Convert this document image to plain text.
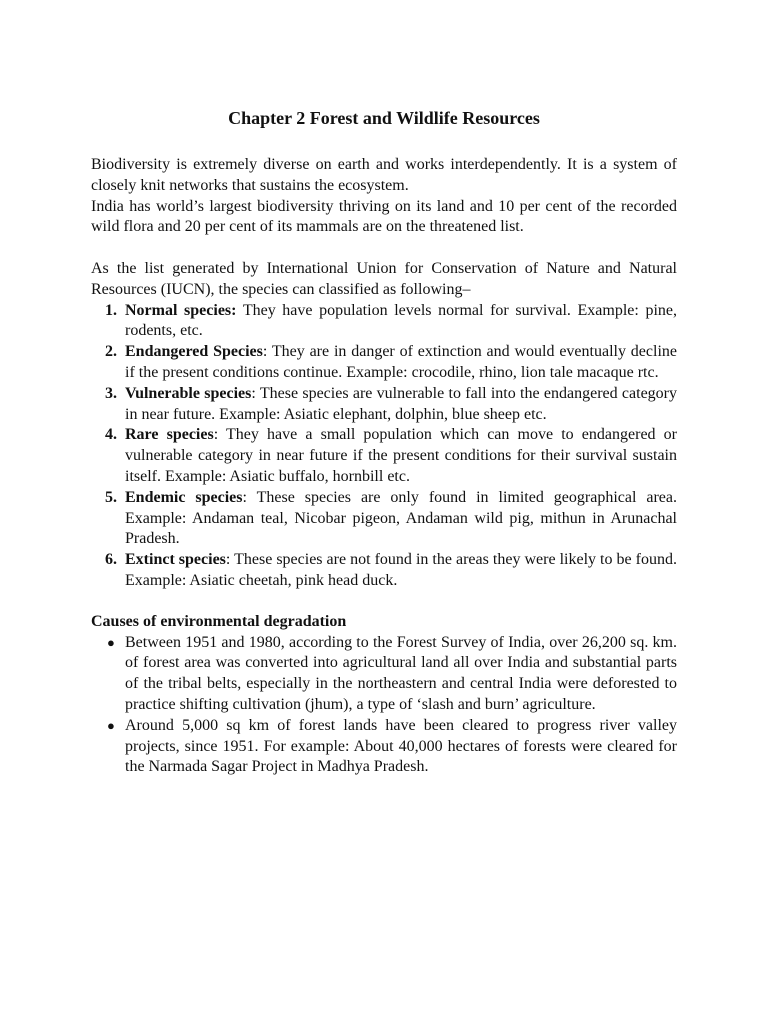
Chapter 2 Forest and Wildlife Resources

Biodiversity is extremely diverse on earth and works interdependently. It is a system of closely knit networks that sustains the ecosystem.

India has world’s largest biodiversity thriving on its land and 10 per cent of the recorded wild flora and 20 per cent of its mammals are on the threatened list.

As the list generated by International Union for Conservation of Nature and Natural Resources (IUCN), the species can classified as following–

1. Normal species: They have population levels normal for survival. Example: pine, rodents, etc.
2. Endangered Species: They are in danger of extinction and would eventually decline if the present conditions continue. Example: crocodile, rhino, lion tale macaque rtc.
3. Vulnerable species: These species are vulnerable to fall into the endangered category in near future. Example: Asiatic elephant, dolphin, blue sheep etc.
4. Rare species: They have a small population which can move to endangered or vulnerable category in near future if the present conditions for their survival sustain itself. Example: Asiatic buffalo, hornbill etc.
5. Endemic species: These species are only found in limited geographical area. Example: Andaman teal, Nicobar pigeon, Andaman wild pig, mithun in Arunachal Pradesh.
6. Extinct species: These species are not found in the areas they were likely to be found. Example: Asiatic cheetah, pink head duck.

Causes of environmental degradation

● Between 1951 and 1980, according to the Forest Survey of India, over 26,200 sq. km. of forest area was converted into agricultural land all over India and substantial parts of the tribal belts, especially in the northeastern and central India were deforested to practice shifting cultivation (jhum), a type of ‘slash and burn’ agriculture.
● Around 5,000 sq km of forest lands have been cleared to progress river valley projects, since 1951. For example: About 40,000 hectares of forests were cleared for the Narmada Sagar Project in Madhya Pradesh.
